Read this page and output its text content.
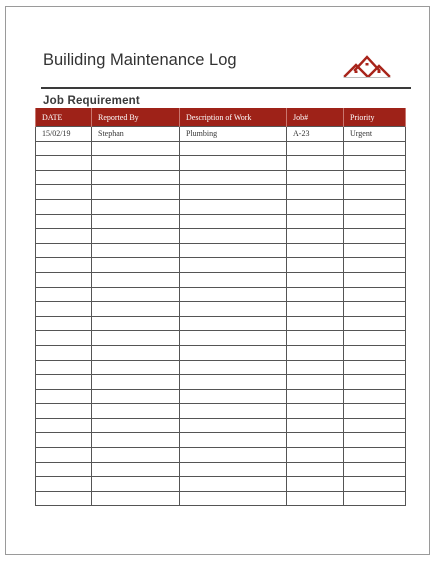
Builiding Maintenance Log
Job Requirement
DATE	Reported By	Description of Work	Job#	Priority
15/02/19	Stephan	Plumbing	A-23	Urgent
